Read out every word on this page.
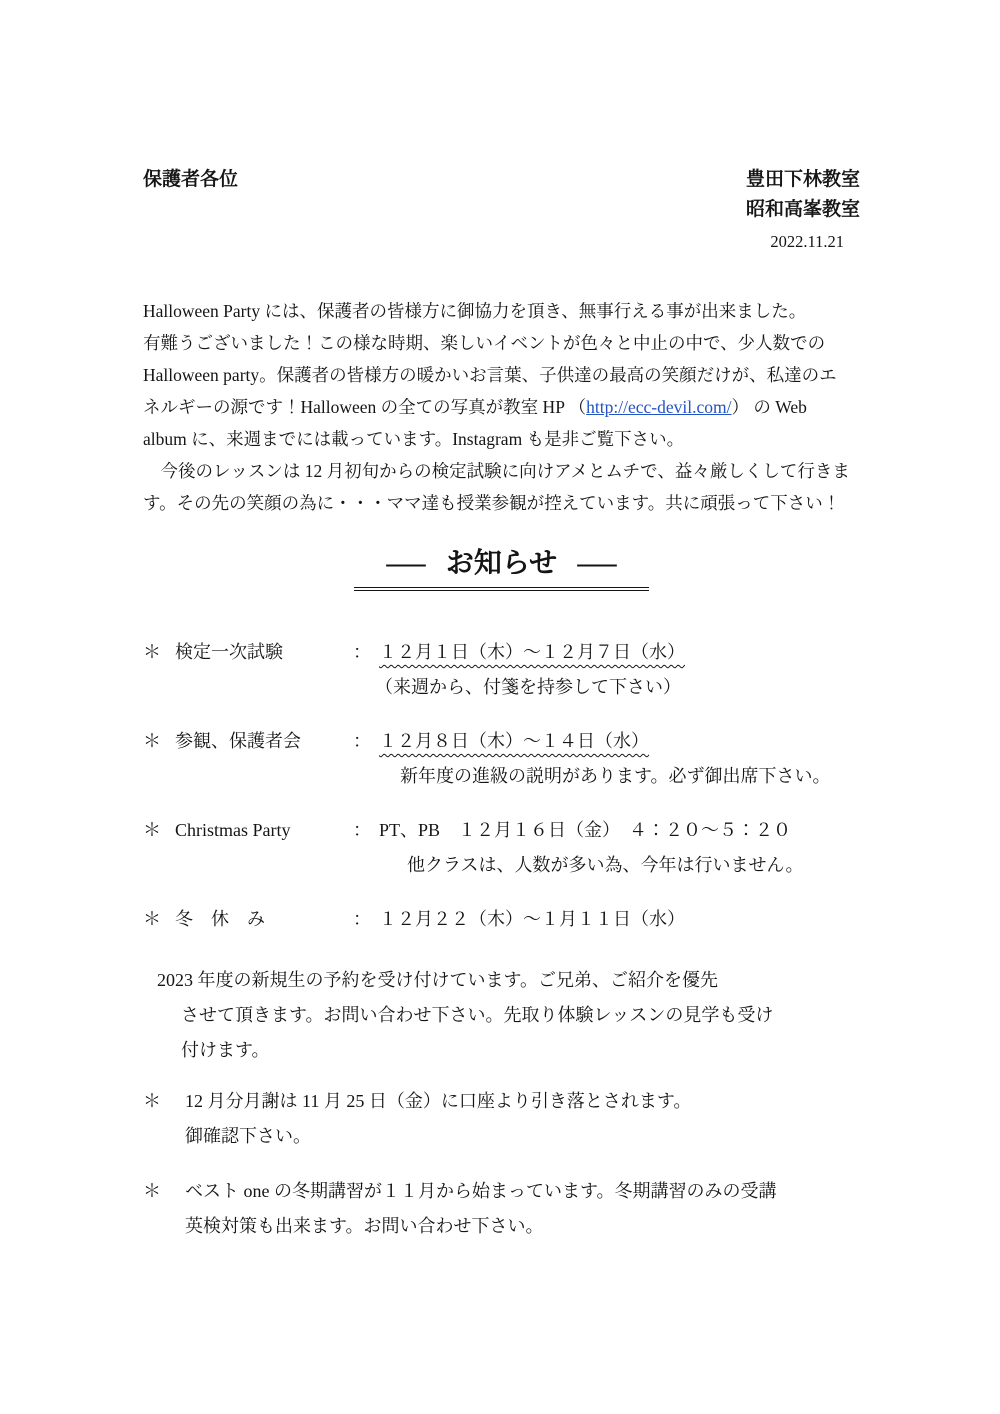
保護者各位	豊田下林教室
昭和高峯教室
2022.11.21
Halloween Party には、保護者の皆様方に御協力を頂き、無事行える事が出来ました。
有難うございました！この様な時期、楽しいイベントが色々と中止の中で、少人数での
Halloween party。保護者の皆様方の暖かいお言葉、子供達の最高の笑顔だけが、私達のエ
ネルギーの源です！Halloween の全ての写真が教室 HP （http://ecc-devil.com/） の Web
album に、来週までには載っています。Instagram も是非ご覧下さい。
　今後のレッスンは 12 月初旬からの検定試験に向けアメとムチで、益々厳しくして行きま
す。その先の笑顔の為に・・・ママ達も授業参観が控えています。共に頑張って下さい！
― お知らせ ―
＊ 検定一次試験	： １２月１日（木）～１２月７日（水）
（来週から、付箋を持参して下さい）
＊ 参観、保護者会	： １２月８日（木）～１４日（水）
新年度の進級の説明があります。必ず御出席下さい。
＊ Christmas Party	： PT、PB　１２月１６日（金）　４：２０～５：２０
他クラスは、人数が多い為、今年は行いません。
＊ 冬　休　み	： １２月２２（木）～１月１１日（水）
2023 年度の新規生の予約を受け付けています。ご兄弟、ご紹介を優先
させて頂きます。お問い合わせ下さい。先取り体験レッスンの見学も受け
付けます。
＊	12 月分月謝は 11 月 25 日（金）に口座より引き落とされます。
御確認下さい。
＊	ベスト one の冬期講習が１１月から始まっています。冬期講習のみの受講
英検対策も出来ます。お問い合わせ下さい。
